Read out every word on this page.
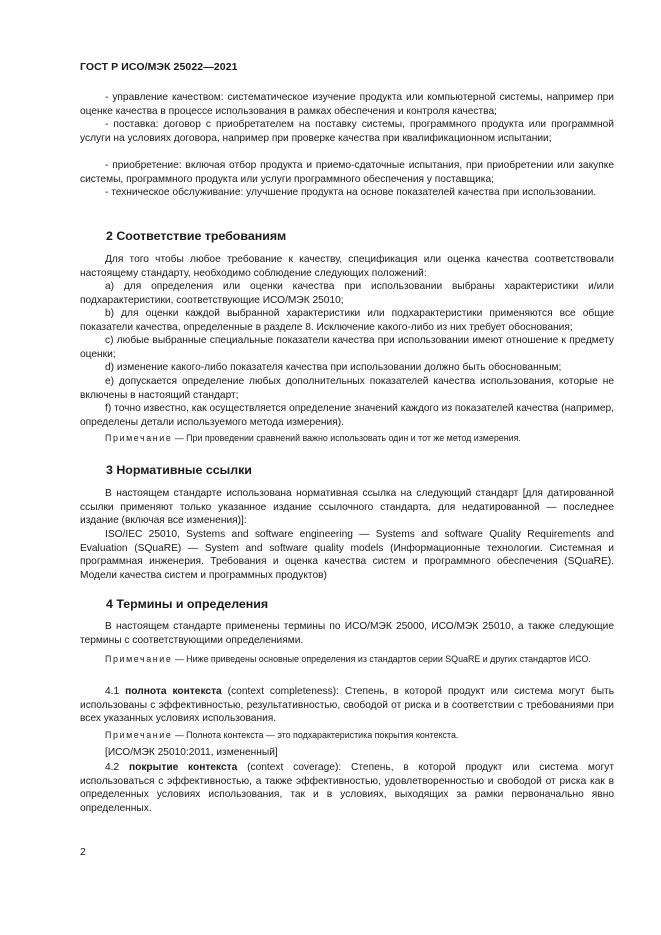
ГОСТ Р ИСО/МЭК 25022—2021
- управление качеством: систематическое изучение продукта или компьютерной системы, например при оценке качества в процессе использования в рамках обеспечения и контроля качества;
- поставка: договор с приобретателем на поставку системы, программного продукта или программной услуги на условиях договора, например при проверке качества при квалификационном испытании;
- приобретение: включая отбор продукта и приемо-сдаточные испытания, при приобретении или закупке системы, программного продукта или услуги программного обеспечения у поставщика;
- техническое обслуживание: улучшение продукта на основе показателей качества при использовании.
2 Соответствие требованиям
Для того чтобы любое требование к качеству, спецификация или оценка качества соответствовали настоящему стандарту, необходимо соблюдение следующих положений:
a) для определения или оценки качества при использовании выбраны характеристики и/или подхарактеристики, соответствующие ИСО/МЭК 25010;
b) для оценки каждой выбранной характеристики или подхарактеристики применяются все общие показатели качества, определенные в разделе 8. Исключение какого-либо из них требует обоснования;
c) любые выбранные специальные показатели качества при использовании имеют отношение к предмету оценки;
d) изменение какого-либо показателя качества при использовании должно быть обоснованным;
e) допускается определение любых дополнительных показателей качества использования, которые не включены в настоящий стандарт;
f) точно известно, как осуществляется определение значений каждого из показателей качества (например, определены детали используемого метода измерения).
Примечание — При проведении сравнений важно использовать один и тот же метод измерения.
3 Нормативные ссылки
В настоящем стандарте использована нормативная ссылка на следующий стандарт [для датированной ссылки применяют только указанное издание ссылочного стандарта, для недатированной — последнее издание (включая все изменения)]:
ISO/IEC 25010, Systems and software engineering — Systems and software Quality Requirements and Evaluation (SQuaRE) — System and software quality models (Информационные технологии. Системная и программная инженерия. Требования и оценка качества систем и программного обеспечения (SQuaRE). Модели качества систем и программных продуктов)
4 Термины и определения
В настоящем стандарте применены термины по ИСО/МЭК 25000, ИСО/МЭК 25010, а также следующие термины с соответствующими определениями.
Примечание — Ниже приведены основные определения из стандартов серии SQuaRE и других стандартов ИСО.
4.1 полнота контекста (context completeness): Степень, в которой продукт или система могут быть использованы с эффективностью, результативностью, свободой от риска и в соответствии с требованиями при всех указанных условиях использования.
Примечание — Полнота контекста — это подхарактеристика покрытия контекста.
[ИСО/МЭК 25010:2011, измененный]
4.2 покрытие контекста (context coverage): Степень, в которой продукт или система могут использоваться с эффективностью, а также эффективностью, удовлетворенностью и свободой от риска как в определенных условиях использования, так и в условиях, выходящих за рамки первоначально явно определенных.
2
